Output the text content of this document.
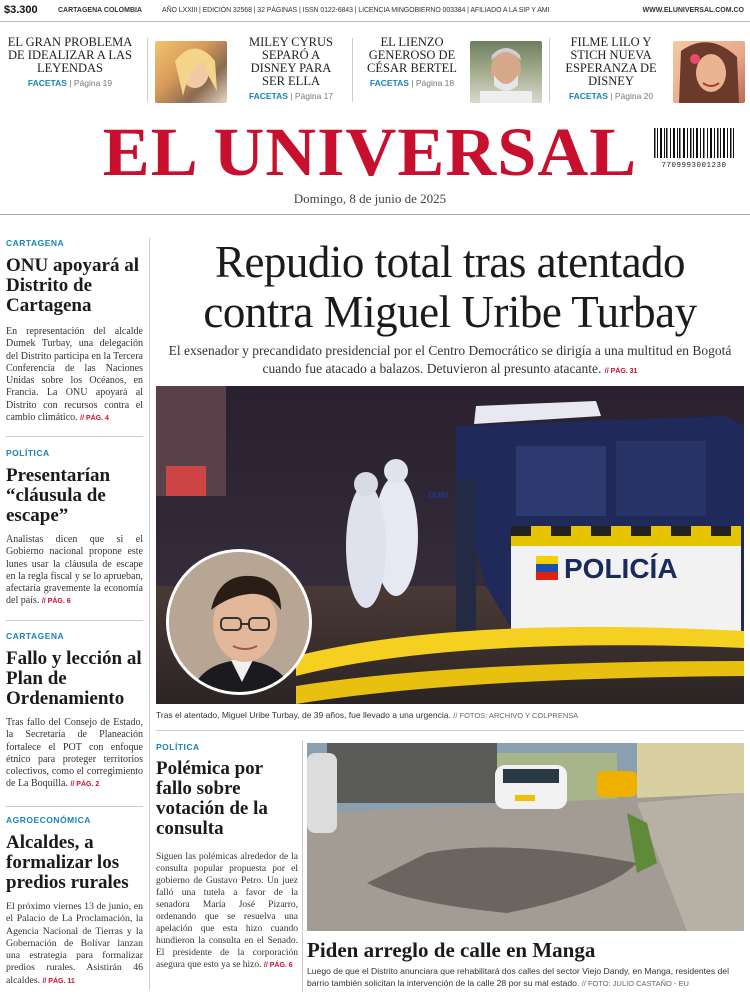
$3.300	CARTAGENA COLOMBIA	AÑO LXXIII | EDICIÓN 32568 | 32 PÁGINAS | ISSN 0122-6843 | LICENCIA MINGOBIERNO 003384 | AFILIADO A LA SIP Y AMI	WWW.ELUNIVERSAL.COM.CO
EL GRAN PROBLEMA DE IDEALIZAR A LAS LEYENDAS
FACETAS | Página 19
MILEY CYRUS SEPARÓ A DISNEY PARA SER ELLA
FACETAS | Página 17
EL LIENZO GENEROSO DE CÉSAR BERTEL
FACETAS | Página 18
FILME LILO Y STICH NUEVA ESPERANZA DE DISNEY
FACETAS | Página 20
EL UNIVERSAL	7709993001230
Domingo, 8 de junio de 2025
CARTAGENA
ONU apoyará al Distrito de Cartagena
En representación del alcalde Dumek Turbay, una delegación del Distrito participa en la Tercera Conferencia de las Naciones Unidas sobre los Océanos, en Francia. La ONU apoyará al Distrito con recursos contra el cambio climático. // PÁG. 4
POLÍTICA
Presentarían “cláusula de escape”
Analistas dicen que si el Gobierno nacional propone este lunes usar la cláusula de escape en la regla fiscal y se lo aprueban, afectaría gravemente la economía del país. // PÁG. 6
CARTAGENA
Fallo y lección al Plan de Ordenamiento
Tras fallo del Consejo de Estado, la Secretaría de Planeación fortalece el POT con enfoque étnico para proteger territorios colectivos, como el corregimiento de La Boquilla. // PÁG. 2
AGROECONÓMICA
Alcaldes, a formalizar los predios rurales
El próximo viernes 13 de junio, en el Palacio de La Proclamación, la Agencia Nacional de Tierras y la Gobernación de Bolívar lanzan una estrategia para formalizar predios rurales. Asistirán 46 alcaldes. // PÁG. 11
Repudio total tras atentado
contra Miguel Uribe Turbay
El exsenador y precandidato presidencial por el Centro Democrático se dirigía a una multitud en Bogotá cuando fue atacado a balazos. Detuvieron al presunto atacante. // PÁG. 31
POLICÍA
DIJIN
Tras el atentado, Miguel Uribe Turbay, de 39 años, fue llevado a una urgencia. // FOTOS: ARCHIVO Y COLPRENSA
POLÍTICA
Polémica por fallo sobre votación de la consulta
Siguen las polémicas alrededor de la consulta popular propuesta por el gobierno de Gustavo Petro. Un juez falló una tutela a favor de la senadora María José Pizarro, ordenando que se resuelva una apelación que esta hizo cuando hundieron la consulta en el Senado. El presidente de la corporación asegura que esto ya se hizo. // PÁG. 6
Piden arreglo de calle en Manga
Luego de que el Distrito anunciara que rehabilitará dos calles del sector Viejo Dandy, en Manga, residentes del barrio también solicitan la intervención de la calle 28 por su mal estado. // FOTO: JULIO CASTAÑO - EU
